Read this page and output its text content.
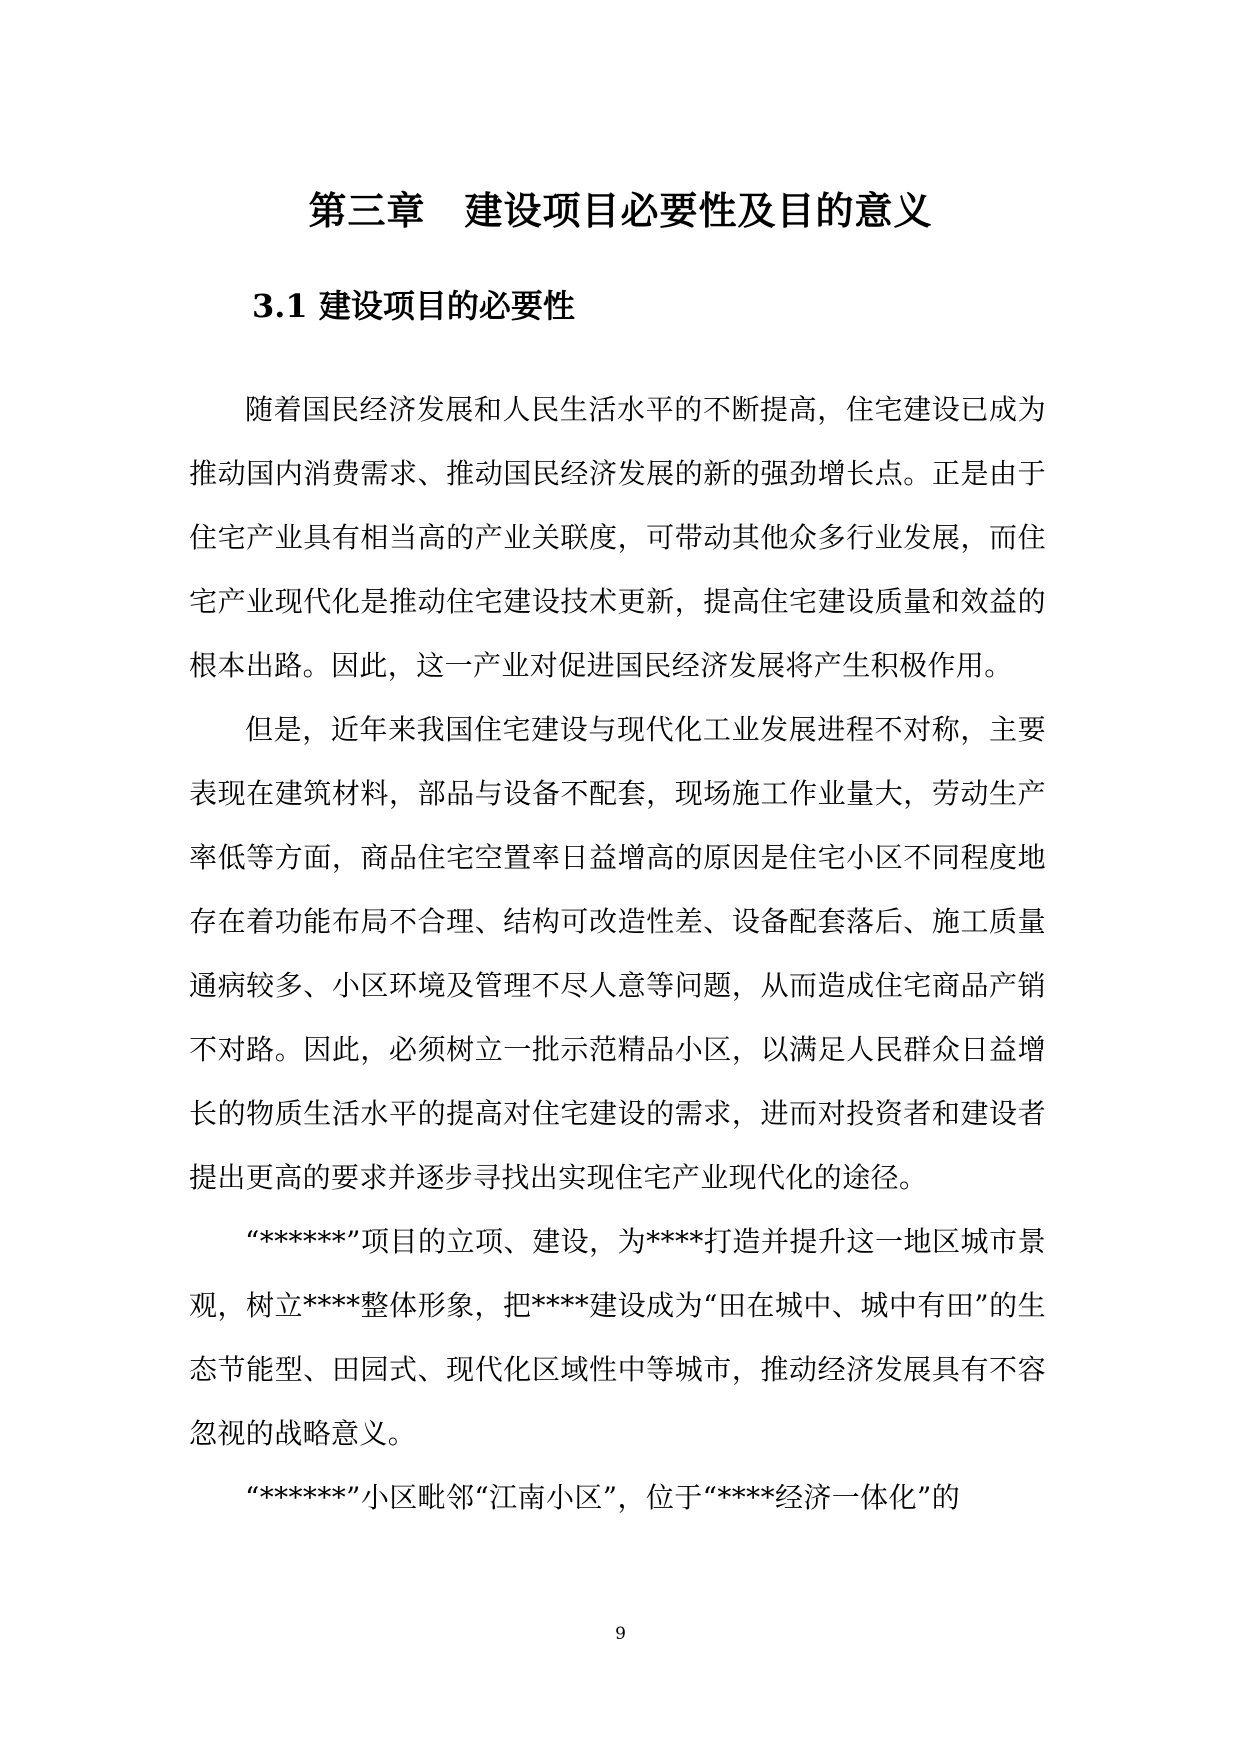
第三章　建设项目必要性及目的意义
3.1 建设项目的必要性

随着国民经济发展和人民生活水平的不断提高，住宅建设已成为推动国内消费需求、推动国民经济发展的新的强劲增长点。正是由于住宅产业具有相当高的产业关联度，可带动其他众多行业发展，而住宅产业现代化是推动住宅建设技术更新，提高住宅建设质量和效益的根本出路。因此，这一产业对促进国民经济发展将产生积极作用。

但是，近年来我国住宅建设与现代化工业发展进程不对称，主要表现在建筑材料，部品与设备不配套，现场施工作业量大，劳动生产率低等方面，商品住宅空置率日益增高的原因是住宅小区不同程度地存在着功能布局不合理、结构可改造性差、设备配套落后、施工质量通病较多、小区环境及管理不尽人意等问题，从而造成住宅商品产销不对路。因此，必须树立一批示范精品小区，以满足人民群众日益增长的物质生活水平的提高对住宅建设的需求，进而对投资者和建设者提出更高的要求并逐步寻找出实现住宅产业现代化的途径。

“******”项目的立项、建设，为****打造并提升这一地区城市景观，树立****整体形象，把****建设成为“田在城中、城中有田”的生态节能型、田园式、现代化区域性中等城市，推动经济发展具有不容忽视的战略意义。

“******”小区毗邻“江南小区”，位于“****经济一体化”的

9
